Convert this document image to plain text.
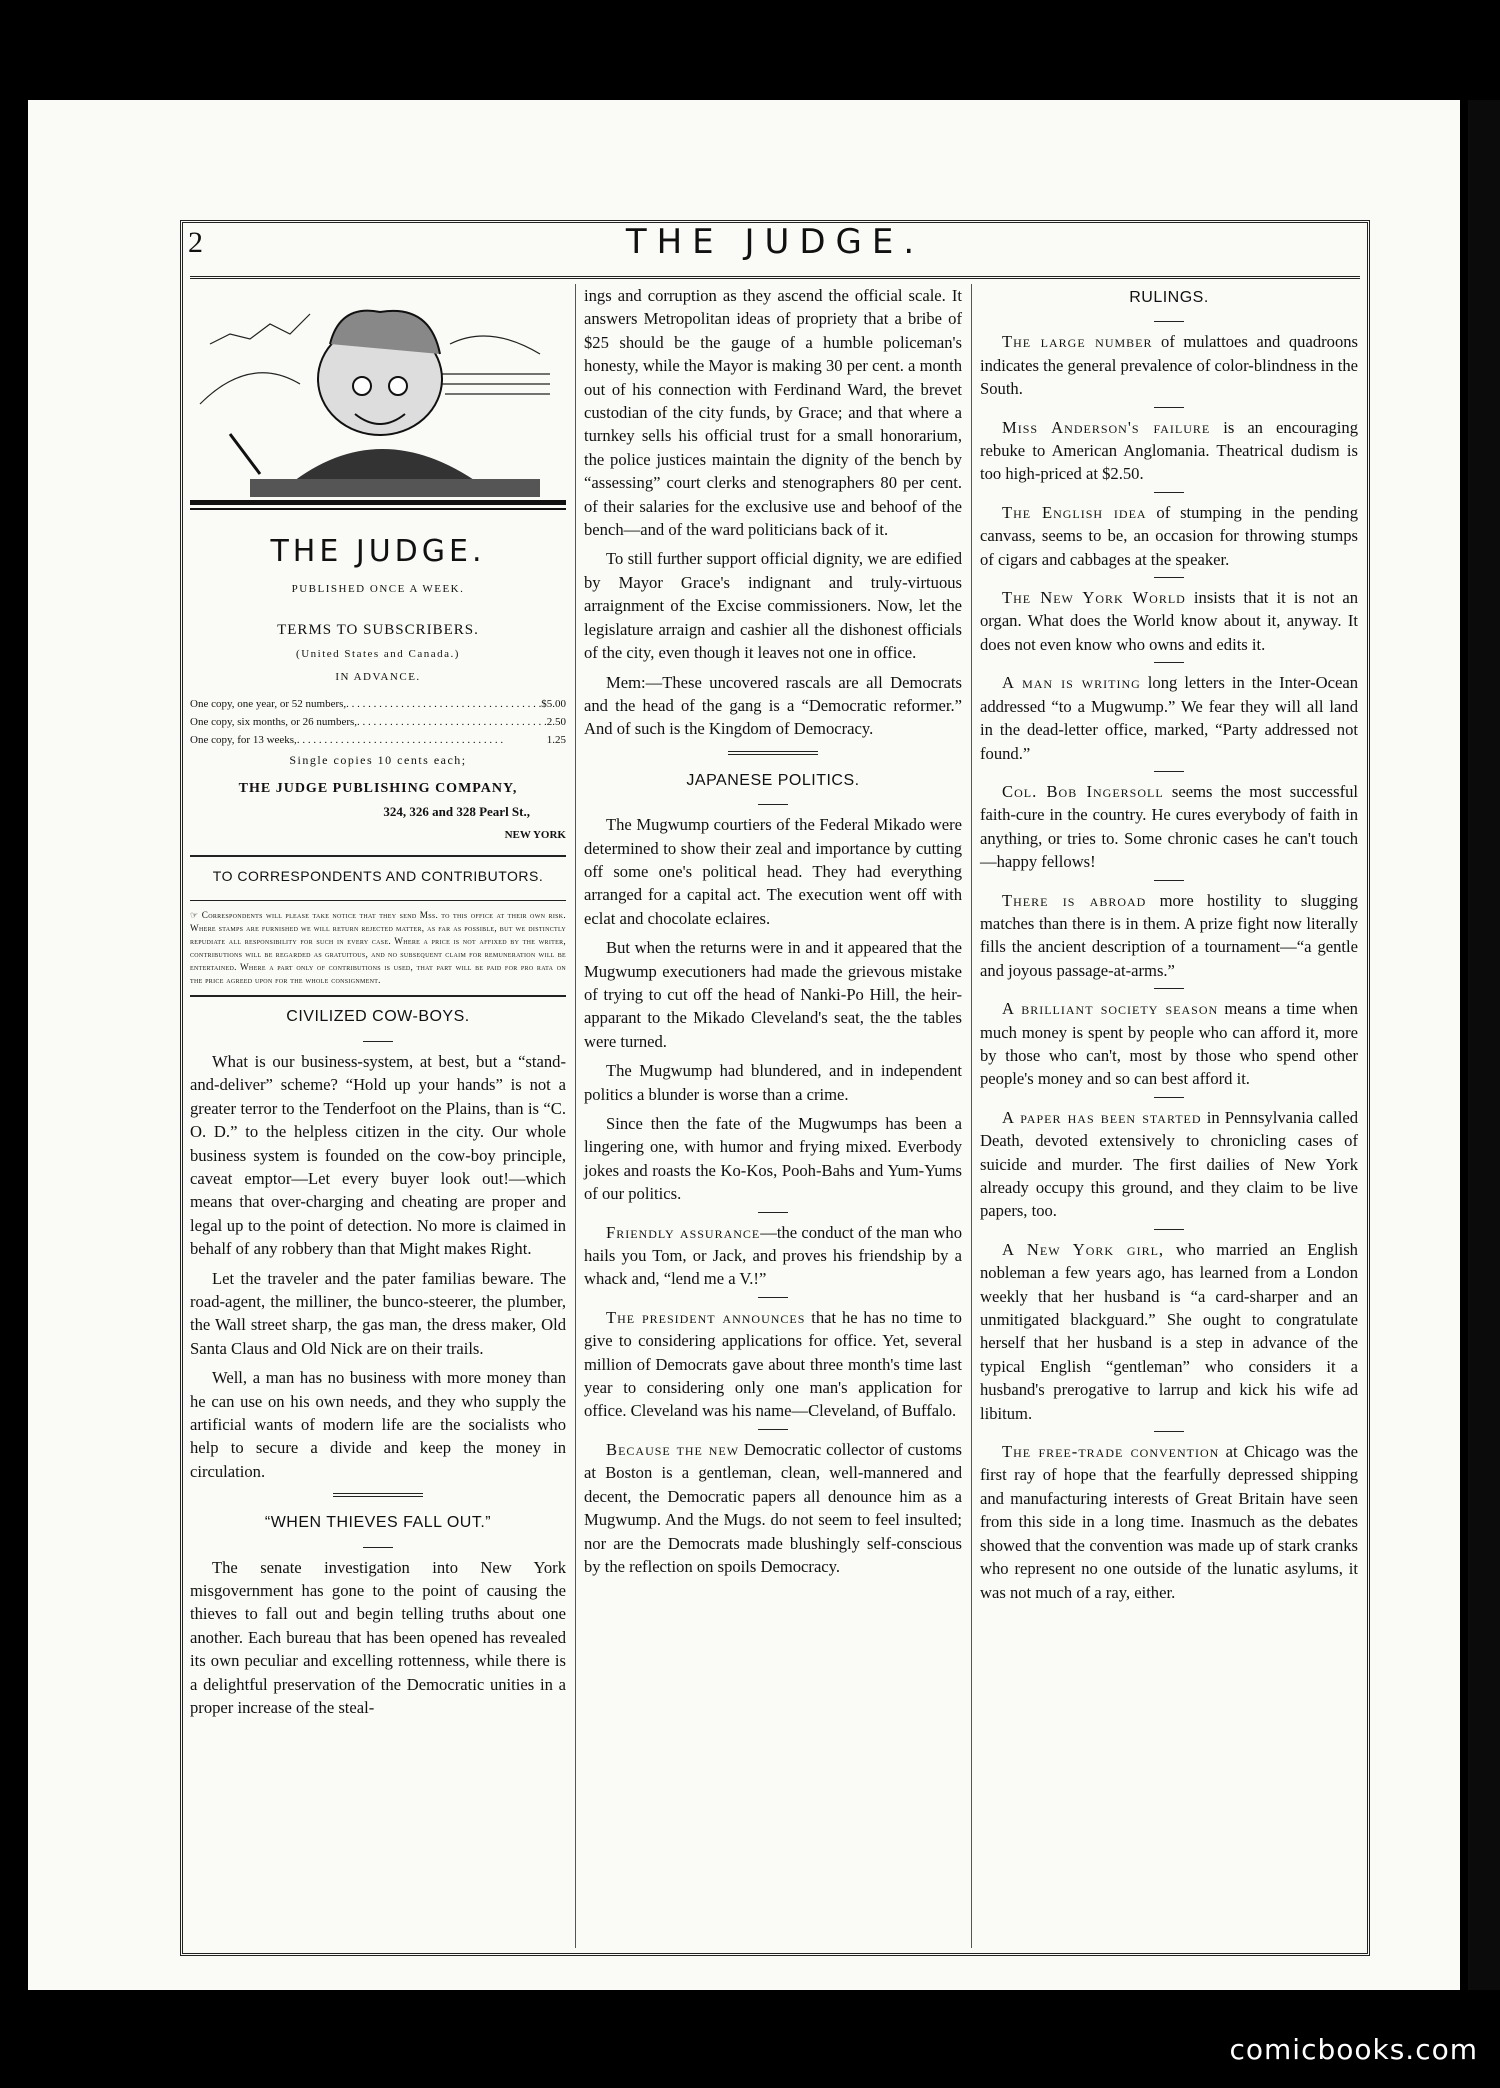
2	THE JUDGE.
THE JUDGE.
PUBLISHED ONCE A WEEK.
TERMS TO SUBSCRIBERS.
(United States and Canada.)
IN ADVANCE.
One copy, one year, or 52 numbers, . . .	$5.00
One copy, six months, or 26 numbers, . . .	2.50
One copy, for 13 weeks, . . .	1.25
Single copies 10 cents each;
THE JUDGE PUBLISHING COMPANY,
324, 326 and 328 Pearl St.,
NEW YORK
TO CORRESPONDENTS AND CONTRIBUTORS.
☞ Correspondents will please take notice that they send Mss. to this office at their own risk. Where stamps are furnished we will return rejected matter, as far as possible, but we distinctly repudiate all responsibility for such in every case. Where a price is not affixed by the writer, contributions will be regarded as gratuitous, and no subsequent claim for remuneration will be entertained. Where a part only of contributions is used, that part will be paid for pro rata on the price agreed upon for the whole consignment.
CIVILIZED COW-BOYS.

What is our business-system, at best, but a “stand-and-deliver” scheme? “Hold up your hands” is not a greater terror to the Tenderfoot on the Plains, than is “C. O. D.” to the helpless citizen in the city. Our whole business system is founded on the cow-boy principle, caveat emptor—Let every buyer look out!—which means that over-charging and cheating are proper and legal up to the point of detection. No more is claimed in behalf of any robbery than that Might makes Right.

Let the traveler and the pater familias beware. The road-agent, the milliner, the bunco-steerer, the plumber, the Wall street sharp, the gas man, the dress maker, Old Santa Claus and Old Nick are on their trails.

Well, a man has no business with more money than he can use on his own needs, and they who supply the artificial wants of modern life are the socialists who help to secure a divide and keep the money in circulation.

“WHEN THIEVES FALL OUT.”

The senate investigation into New York misgovernment has gone to the point of causing the thieves to fall out and begin telling truths about one another. Each bureau that has been opened has revealed its own peculiar and excelling rottenness, while there is a delightful preservation of the Democratic unities in a proper increase of the steal-

ings and corruption as they ascend the official scale. It answers Metropolitan ideas of propriety that a bribe of $25 should be the gauge of a humble policeman's honesty, while the Mayor is making 30 per cent. a month out of his connection with Ferdinand Ward, the brevet custodian of the city funds, by Grace; and that where a turnkey sells his official trust for a small honorarium, the police justices maintain the dignity of the bench by “assessing” court clerks and stenographers 80 per cent. of their salaries for the exclusive use and behoof of the bench—and of the ward politicians back of it.

To still further support official dignity, we are edified by Mayor Grace's indignant and truly-virtuous arraignment of the Excise commissioners. Now, let the legislature arraign and cashier all the dishonest officials of the city, even though it leaves not one in office.

Mem:—These uncovered rascals are all Democrats and the head of the gang is a “Democratic reformer.” And of such is the Kingdom of Democracy.

JAPANESE POLITICS.

The Mugwump courtiers of the Federal Mikado were determined to show their zeal and importance by cutting off some one's political head. They had everything arranged for a capital act. The execution went off with eclat and chocolate eclaires.

But when the returns were in and it appeared that the Mugwump executioners had made the grievous mistake of trying to cut off the head of Nanki-Po Hill, the heir-apparant to the Mikado Cleveland's seat, the the tables were turned.

The Mugwump had blundered, and in independent politics a blunder is worse than a crime.

Since then the fate of the Mugwumps has been a lingering one, with humor and frying mixed. Everbody jokes and roasts the Ko-Kos, Pooh-Bahs and Yum-Yums of our politics.

Friendly assurance—the conduct of the man who hails you Tom, or Jack, and proves his friendship by a whack and, “lend me a V.!”

The president announces that he has no time to give to considering applications for office. Yet, several million of Democrats gave about three month's time last year to considering only one man's application for office. Cleveland was his name—Cleveland, of Buffalo.

Because the new Democratic collector of customs at Boston is a gentleman, clean, well-mannered and decent, the Democratic papers all denounce him as a Mugwump. And the Mugs. do not seem to feel insulted; nor are the Democrats made blushingly self-conscious by the reflection on spoils Democracy.

RULINGS.

The large number of mulattoes and quadroons indicates the general prevalence of color-blindness in the South.

Miss Anderson's failure is an encouraging rebuke to American Anglomania. Theatrical dudism is too high-priced at $2.50.

The English idea of stumping in the pending canvass, seems to be, an occasion for throwing stumps of cigars and cabbages at the speaker.

The New York World insists that it is not an organ. What does the World know about it, anyway. It does not even know who owns and edits it.

A man is writing long letters in the Inter-Ocean addressed “to a Mugwump.” We fear they will all land in the dead-letter office, marked, “Party addressed not found.”

Col. Bob Ingersoll seems the most successful faith-cure in the country. He cures everybody of faith in anything, or tries to. Some chronic cases he can't touch—happy fellows!

There is abroad more hostility to slugging matches than there is in them. A prize fight now literally fills the ancient description of a tournament—“a gentle and joyous passage-at-arms.”

A brilliant society season means a time when much money is spent by people who can afford it, more by those who can't, most by those who spend other people's money and so can best afford it.

A paper has been started in Pennsylvania called Death, devoted extensively to chronicling cases of suicide and murder. The first dailies of New York already occupy this ground, and they claim to be live papers, too.

A New York girl, who married an English nobleman a few years ago, has learned from a London weekly that her husband is “a card-sharper and an unmitigated blackguard.” She ought to congratulate herself that her husband is a step in advance of the typical English “gentleman” who considers it a husband's prerogative to larrup and kick his wife ad libitum.

The free-trade convention at Chicago was the first ray of hope that the fearfully depressed shipping and manufacturing interests of Great Britain have seen from this side in a long time. Inasmuch as the debates showed that the convention was made up of stark cranks who represent no one outside of the lunatic asylums, it was not much of a ray, either.

comicbooks.com
